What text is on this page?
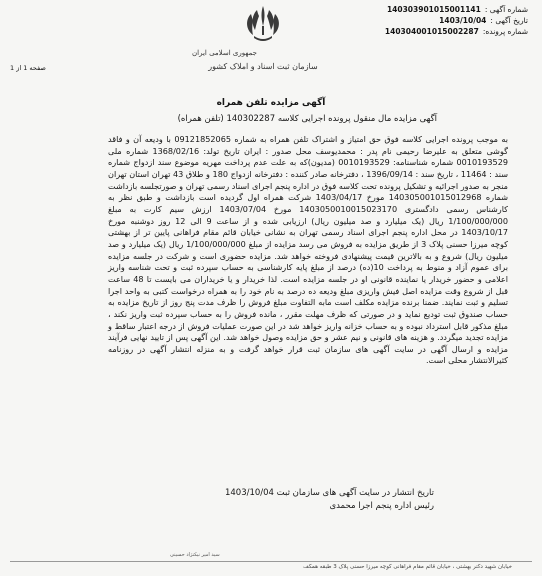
شماره آگهی :
140303901015001141
تاریخ آگهی :
1403/10/04
شماره پرونده:
140304001015002287
صفحه 1 از 1
جمهوری اسلامی ایران
سازمان ثبت اسناد و املاک کشور
آگهی مزایده تلفن همراه
آگهی مزایده مال منقول پرونده اجرایی کلاسه 140302287 (تلفن همراه)
به موجب پرونده اجرایی کلاسه فوق حق امتیاز و اشتراک تلفن همراه به شماره 09121852065 با ودیعه آن و فاقد گوشی متعلق به علیرضا رحیمی نام پدر : محمدیوسف محل صدور : ایران تاریخ تولد: 1368/02/16 شماره ملی 0010193529 شماره شناسنامه: 0010193529 (مدیون)که به علت عدم پرداخت مهریه موضوع سند ازدواج شماره سند : 11464 ، تاریخ سند : 1396/09/14 ، دفترخانه صادر کننده : دفترخانه ازدواج 180 و طلاق 43 تهران استان تهران منجر به صدور اجرائیه و تشکیل پرونده تحت کلاسه فوق در اداره پنجم اجرای اسناد رسمی تهران و صورتجلسه بازداشت شماره 140305001015012968 مورخ 1403/04/17 شرکت همراه اول گردیده است بازداشت و طبق نظر به کارشناس رسمی دادگستری 1403050010015023170 مورخ 1403/07/04 ارزش سیم کارت به مبلغ 1/100/000/000 ریال (یک میلیارد و صد میلیون ریال) ارزیابی شده و از ساعت 9 الی 12 روز دوشنبه مورخ 1403/10/17 در محل اداره پنجم اجرای اسناد رسمی تهران به نشانی خیابان قائم مقام فراهانی پایین تر از بهشتی کوچه میرزا حسنی پلاک 3 از طریق مزایده به فروش می رسد مزایده از مبلغ 1/100/000/000 ریال (یک میلیارد و صد میلیون ریال) شروع و به بالاترین قیمت پیشنهادی فروخته خواهد شد. مزایده حضوری است و شرکت در جلسه مزایده برای عموم آزاد و منوط به پرداخت 10(ده) درصد از مبلغ پایه کارشناسی به حساب سپرده ثبت و تحت شناسه واریز اعلامی و حضور خریدار یا نماینده قانونی او در جلسه مزایده است. لذا خریدار و یا خریداران می بایست تا 48 ساعت قبل از شروع وقت مزایده اصل فیش واریزی مبلغ ودیعه ده درصد به نام خود را به همراه درخواست کتبی به واحد اجرا تسلیم و ثبت نمایند. ضمنا برنده مزایده مکلف است مابه التفاوت مبلغ فروش را ظرف مدت پنج روز از تاریخ مزایده به حساب صندوق ثبت تودیع نماید و در صورتی که ظرف مهلت مقرر ، مانده فروش را به حساب سپرده ثبت واریز نکند ، مبلغ مذکور قابل استرداد نبوده و به حساب خزانه واریز خواهد شد در این صورت عملیات فروش از درجه اعتبار ساقط و مزایده تجدید میگردد. و هزینه های قانونی و نیم عشر و حق مزایده وصول خواهد شد. این آگهی پس از تایید نهایی فرآیند مزایده و ارسال آگهی در سایت آگهی های سازمان ثبت قرار خواهد گرفت و به منزله انتشار آگهی در روزنامه کثیرالانتشار محلی است.
تاریخ انتشار در سایت آگهی های سازمان ثبت 1403/10/04
رئیس اداره پنجم اجرا محمدی
سید امیر نیکنژاد حسینی
خیابان شهید دکتر بهشتی ، خیابان قائم مقام فراهانی کوچه میرزا حسنی پلاک 3 طبقه همکف
